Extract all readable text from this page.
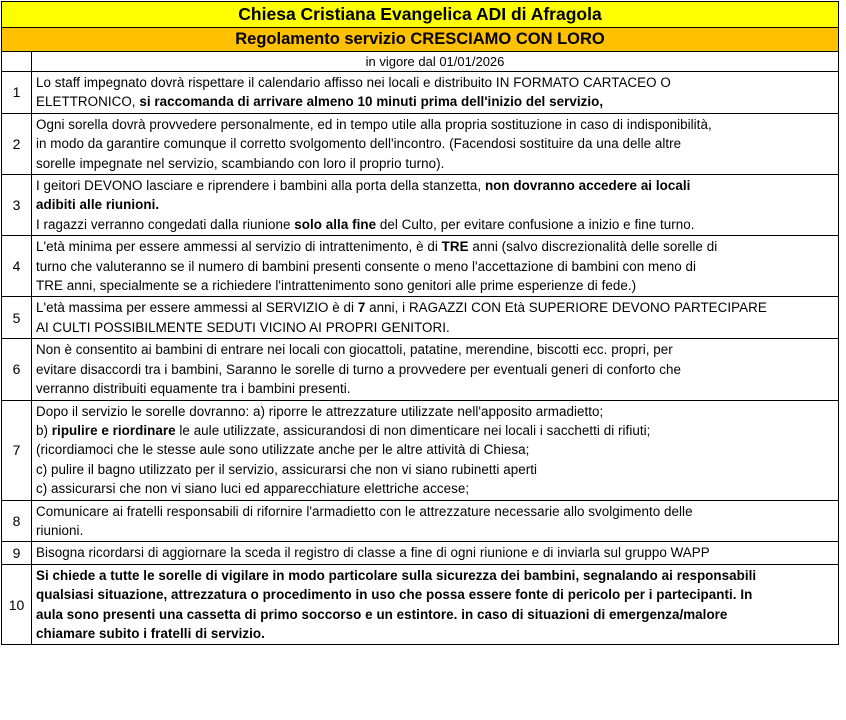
Chiesa Cristiana Evangelica ADI di Afragola	
Regolamento servizio CRESCIAMO CON LORO	
	in vigore dal 01/01/2026
1	Lo staff impegnato dovrà rispettare il calendario affisso nei locali e distribuito IN FORMATO CARTACEO O
ELETTRONICO, si raccomanda di arrivare almeno 10 minuti prima dell'inizio del servizio,

2	Ogni sorella dovrà provvedere personalmente, ed in tempo utile alla propria sostituzione in caso di indisponibilità,
in modo da garantire comunque il corretto svolgomento dell'incontro. (Facendosi sostituire da una delle altre
sorelle impegnate nel servizio, scambiando con loro il proprio turno).

3	I geitori DEVONO lasciare e riprendere i bambini alla porta della stanzetta, non dovranno accedere ai locali
adibiti alle riunioni.
I ragazzi verranno congedati dalla riunione solo alla fine del Culto, per evitare confusione a inizio e fine turno.

4	L'età minima per essere ammessi al servizio di intrattenimento, è di TRE anni (salvo discrezionalità delle sorelle di
turno che valuteranno se il numero di bambini presenti consente o meno l'accettazione di bambini con meno di
TRE anni, specialmente se a richiedere l'intrattenimento sono genitori alle prime esperienze di fede.)

5	L'età massima per essere ammessi al SERVIZIO è di 7 anni, i RAGAZZI CON Età SUPERIORE DEVONO PARTECIPARE
AI CULTI POSSIBILMENTE SEDUTI VICINO AI PROPRI GENITORI.

6	Non è consentito ai bambini di entrare nei locali con giocattoli, patatine, merendine, biscotti ecc. propri, per
evitare disaccordi tra i bambini, Saranno le sorelle di turno a provvedere per eventuali generi di conforto che
verranno distribuiti equamente tra i bambini presenti.

7	Dopo il servizio le sorelle dovranno: a) riporre le attrezzature utilizzate nell'apposito armadietto;
b) ripulire e riordinare le aule utilizzate, assicurandosi di non dimenticare nei locali i sacchetti di rifiuti;
(ricordiamoci che le stesse aule sono utilizzate anche per le altre attività di Chiesa;
c) pulire il bagno utilizzato per il servizio, assicurarsi che non vi siano rubinetti aperti
c) assicurarsi che non vi siano luci ed apparecchiature elettriche accese;

8	Comunicare ai fratelli responsabili di rifornire l'armadietto con le attrezzature necessarie allo svolgimento delle
riunioni.

9	Bisogna ricordarsi di aggiornare la sceda il registro di classe a fine di ogni riunione e di inviarla sul gruppo WAPP

10	Si chiede a tutte le sorelle di vigilare in modo particolare sulla sicurezza dei bambini, segnalando ai responsabili
qualsiasi situazione, attrezzatura o procedimento in uso che possa essere fonte di pericolo per i partecipanti. In
aula sono presenti una cassetta di primo soccorso e un estintore. in caso di situazioni di emergenza/malore
chiamare subito i fratelli di servizio.
